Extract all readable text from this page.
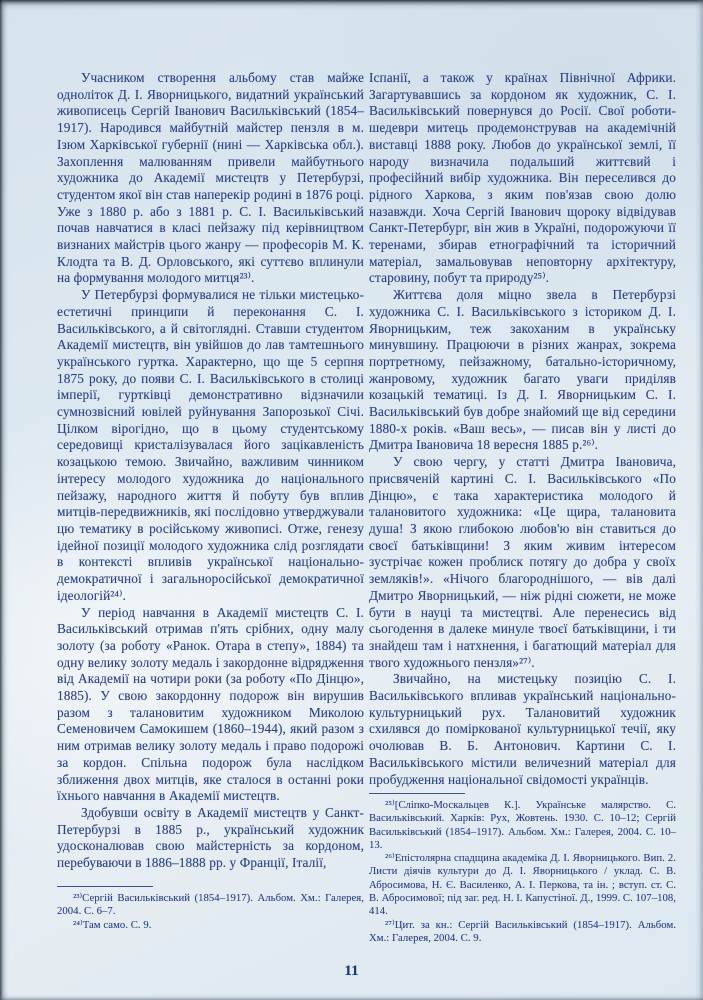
Учасником створення альбому став майже одноліток Д. І. Яворницького, видатний український живописець Сергій Іванович Васильківський (1854–1917). Народився майбутній майстер пензля в м. Ізюм Харківської губернії (нині — Харківська обл.). Захоплення малюванням привели майбутнього художника до Академії мистецтв у Петербурзі, студентом якої він став наперекір родині в 1876 році. Уже з 1880 р. або з 1881 р. С. І. Васильківський почав навчатися в класі пейзажу під керівництвом визнаних майстрів цього жанру — професорів М. К. Клодта та В. Д. Орловського, які суттєво вплинули на формування молодого митця²³⁾.

У Петербурзі формувалися не тільки мистецько-естетичні принципи й переконання С. І. Васильківського, а й світоглядні. Ставши студентом Академії мистецтв, він увійшов до лав тамтешнього українського гуртка. Характерно, що ще 5 серпня 1875 року, до появи С. І. Васильківського в столиці імперії, гуртківці демонстративно відзначили сумнозвісний ювілей руйнування Запорозької Січі. Цілком вірогідно, що в цьому студентському середовищі кристалізувалася його зацікавленість козацькою темою. Звичайно, важливим чинником інтересу молодого художника до національного пейзажу, народного життя й побуту був вплив митців-передвижників, які послідовно утверджували цю тематику в російському живописі. Отже, генезу ідейної позиції молодого художника слід розглядати в контексті впливів української національно-демократичної і загальноросійської демократичної ідеологій²⁴⁾.

У період навчання в Академії мистецтв С. І. Васильківський отримав п'ять срібних, одну малу золоту (за роботу «Ранок. Отара в степу», 1884) та одну велику золоту медаль і закордонне відрядження від Академії на чотири роки (за роботу «По Дінцю», 1885). У свою закордонну подорож він вирушив разом з талановитим художником Миколою Семеновичем Самокишем (1860–1944), який разом з ним отримав велику золоту медаль і право подорожі за кордон. Спільна подорож була наслідком зближення двох митців, яке сталося в останні роки їхнього навчання в Академії мистецтв.

Здобувши освіту в Академії мистецтв у Санкт-Петербурзі в 1885 р., український художник удосконалював свою майстерність за кордоном, перебуваючи в 1886–1888 рр. у Франції, Італії,

Іспанії, а також у країнах Північної Африки. Загартувавшись за кордоном як художник, С. І. Васильківський повернувся до Росії. Свої роботи-шедеври митець продемонстрував на академічній виставці 1888 року. Любов до української землі, її народу визначила подальший життєвий і професійний вибір художника. Він переселився до рідного Харкова, з яким пов'язав свою долю назавжди. Хоча Сергій Іванович щороку відвідував Санкт-Петербург, він жив в Україні, подорожуючи її теренами, збирав етнографічний та історичний матеріал, замальовував неповторну архітектуру, старовину, побут та природу²⁵⁾.

Життєва доля міцно звела в Петербурзі художника С. І. Васильківського з істориком Д. І. Яворницьким, теж закоханим в українську минувшину. Працюючи в різних жанрах, зокрема портретному, пейзажному, батально-історичному, жанровому, художник багато уваги приділяв козацькій тематиці. Із Д. І. Яворницьким С. І. Васильківський був добре знайомий ще від середини 1880-х років. «Ваш весь», — писав він у листі до Дмитра Івановича 18 вересня 1885 р.²⁶⁾.

У свою чергу, у статті Дмитра Івановича, присвяченій картині С. І. Васильківського «По Дінцю», є така характеристика молодого й талановитого художника: «Це щира, талановита душа! З якою глибокою любов'ю він ставиться до своєї батьківщини! З яким живим інтересом зустрічає кожен проблиск потягу до добра у своїх земляків!». «Нічого благороднішого, — вів далі Дмитро Яворницький, — ніж рідні сюжети, не може бути в науці та мистецтві. Але перенесись від сьогодення в далеке минуле твоєї батьківщини, і ти знайдеш там і натхнення, і багатющий матеріал для твого художнього пензля»²⁷⁾.

Звичайно, на мистецьку позицію С. І. Васильківського впливав український національно-культурницький рух. Талановитий художник схилявся до поміркованої культурницької течії, яку очолював В. Б. Антонович. Картини С. І. Васильківського містили величезний матеріал для пробудження національної свідомості українців.

²³⁾Сергій Васильківський (1854–1917). Альбом. Хм.: Галерея, 2004. С. 6–7.

²⁴⁾Там само. С. 9.

²⁵⁾[Сліпко-Москальцев К.]. Українське малярство. С. Васильківський. Харків: Рух, Жовтень. 1930. С. 10–12; Сергій Васильківський (1854–1917). Альбом. Хм.: Галерея, 2004. С. 10–13.

²⁶⁾Епістолярна спадщина академіка Д. І. Яворницького. Вип. 2. Листи діячів культури до Д. І. Яворницького / уклад. С. В. Абросимова, Н. Є. Василенко, А. І. Перкова, та ін. ; вступ. ст. С. В. Абросимової; під заг. ред. Н. І. Капустіної. Д., 1999. С. 107–108, 414.

²⁷⁾Цит. за кн.: Сергій Васильківський (1854–1917). Альбом. Хм.: Галерея, 2004. С. 9.

11
